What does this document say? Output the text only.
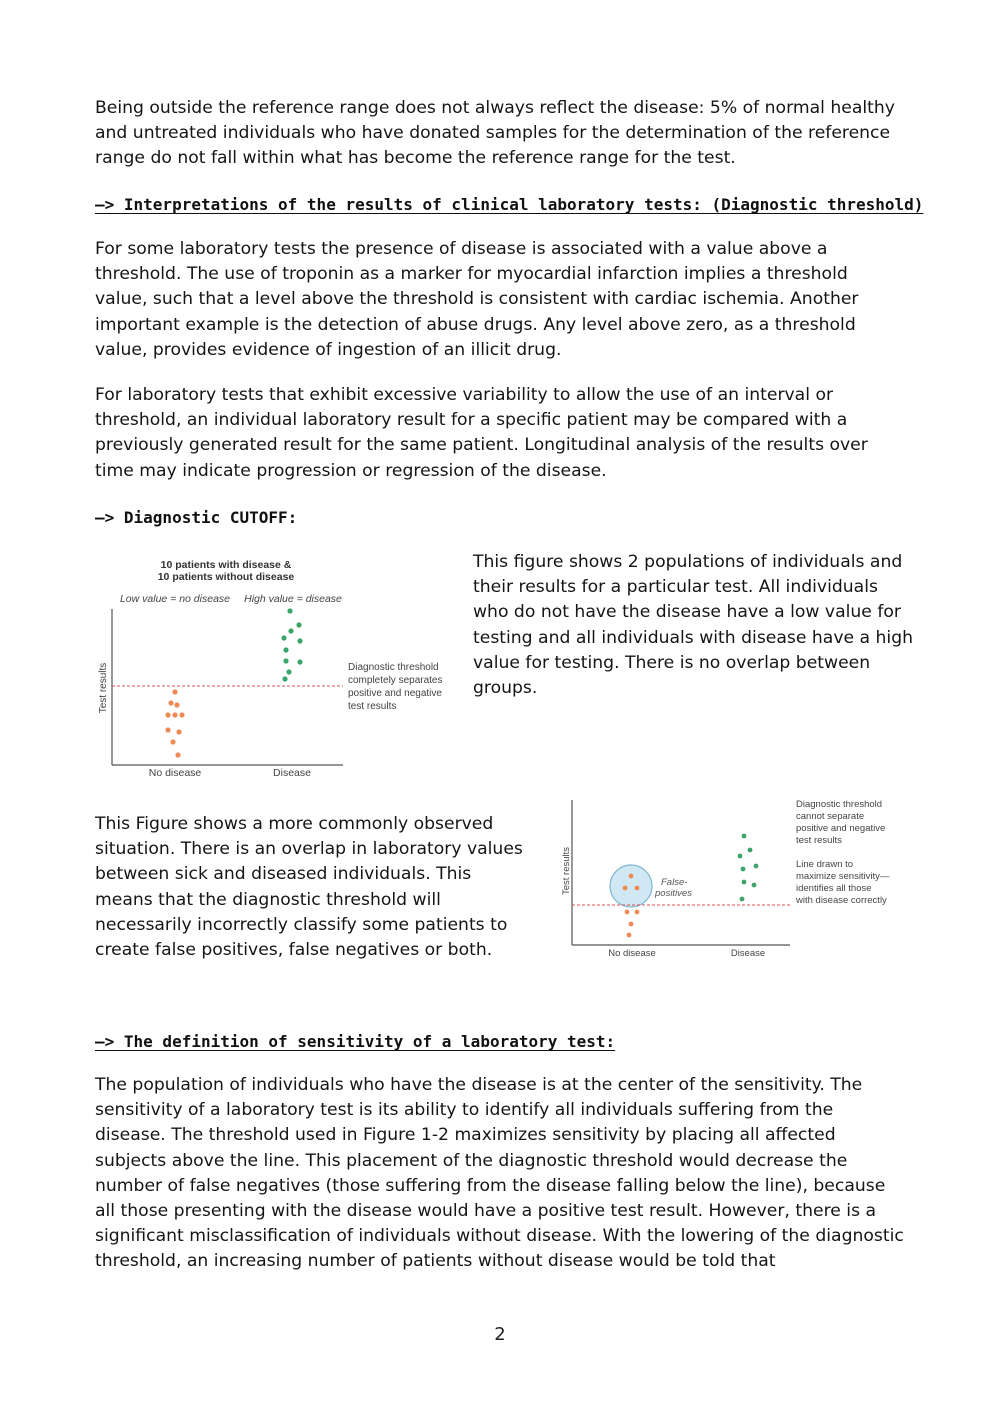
Being outside the reference range does not always reflect the disease: 5% of normal healthy and untreated individuals who have donated samples for the determination of the reference range do not fall within what has become the reference range for the test.

—> Interpretations of the results of clinical laboratory tests: (Diagnostic threshold)

For some laboratory tests the presence of disease is associated with a value above a threshold. The use of troponin as a marker for myocardial infarction implies a threshold value, such that a level above the threshold is consistent with cardiac ischemia. Another important example is the detection of abuse drugs. Any level above zero, as a threshold value, provides evidence of ingestion of an illicit drug.

For laboratory tests that exhibit excessive variability to allow the use of an interval or threshold, an individual laboratory result for a specific patient may be compared with a previously generated result for the same patient. Longitudinal analysis of the results over time may indicate progression or regression of the disease.

—> Diagnostic CUTOFF:

10 patients with disease &
10 patients without disease
Low value = no disease High value = disease
Test results
No disease	Disease
Diagnostic threshold
completely separates
positive and negative
test results

This figure shows 2 populations of individuals and their results for a particular test. All individuals who do not have the disease have a low value for testing and all individuals with disease have a high value for testing. There is no overlap between groups.

This Figure shows a more commonly observed situation. There is an overlap in laboratory values between sick and diseased individuals. This means that the diagnostic threshold will necessarily incorrectly classify some patients to create false positives, false negatives or both.

Test results	False-
positives
No disease	Disease
Diagnostic threshold
cannot separate
positive and negative
test results
Line drawn to
maximize sensitivity—
identifies all those
with disease correctly

—> The definition of sensitivity of a laboratory test:

The population of individuals who have the disease is at the center of the sensitivity. The sensitivity of a laboratory test is its ability to identify all individuals suffering from the disease. The threshold used in Figure 1-2 maximizes sensitivity by placing all affected subjects above the line. This placement of the diagnostic threshold would decrease the number of false negatives (those suffering from the disease falling below the line), because all those presenting with the disease would have a positive test result. However, there is a significant misclassification of individuals without disease. With the lowering of the diagnostic threshold, an increasing number of patients without disease would be told that

2
